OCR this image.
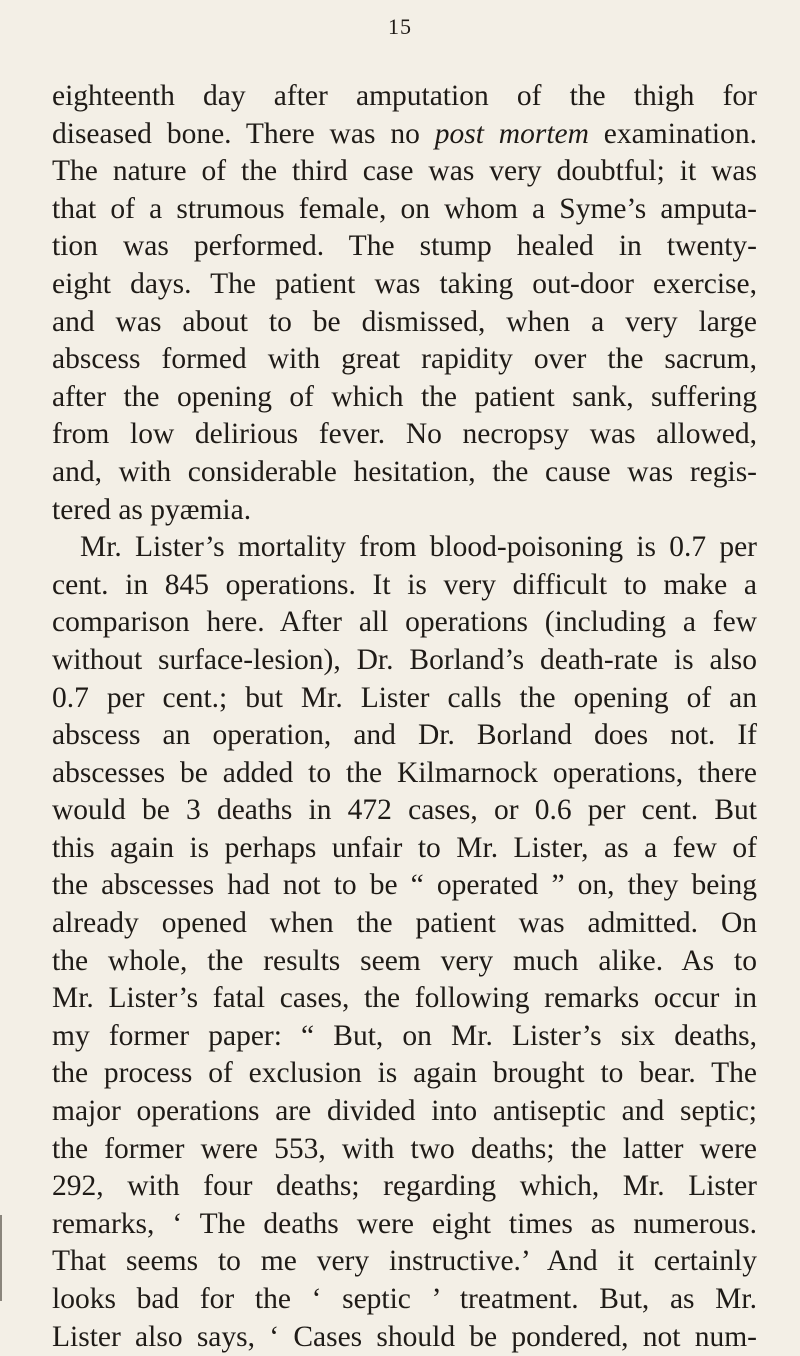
15
eighteenth day after amputation of the thigh for
diseased bone. There was no post mortem examination.
The nature of the third case was very doubtful; it was
that of a strumous female, on whom a Syme’s amputa-
tion was performed. The stump healed in twenty-
eight days. The patient was taking out-door exercise,
and was about to be dismissed, when a very large
abscess formed with great rapidity over the sacrum,
after the opening of which the patient sank, suffering
from low delirious fever. No necropsy was allowed,
and, with considerable hesitation, the cause was regis-
tered as pyæmia.
Mr. Lister’s mortality from blood-poisoning is 0.7 per
cent. in 845 operations. It is very difficult to make a
comparison here. After all operations (including a few
without surface-lesion), Dr. Borland’s death-rate is also
0.7 per cent.; but Mr. Lister calls the opening of an
abscess an operation, and Dr. Borland does not. If
abscesses be added to the Kilmarnock operations, there
would be 3 deaths in 472 cases, or 0.6 per cent. But
this again is perhaps unfair to Mr. Lister, as a few of
the abscesses had not to be “ operated ” on, they being
already opened when the patient was admitted. On
the whole, the results seem very much alike. As to
Mr. Lister’s fatal cases, the following remarks occur in
my former paper: “ But, on Mr. Lister’s six deaths,
the process of exclusion is again brought to bear. The
major operations are divided into antiseptic and septic;
the former were 553, with two deaths; the latter were
292, with four deaths; regarding which, Mr. Lister
remarks, ‘ The deaths were eight times as numerous.
That seems to me very instructive.’ And it certainly
looks bad for the ‘ septic ’ treatment. But, as Mr.
Lister also says, ‘ Cases should be pondered, not num-
